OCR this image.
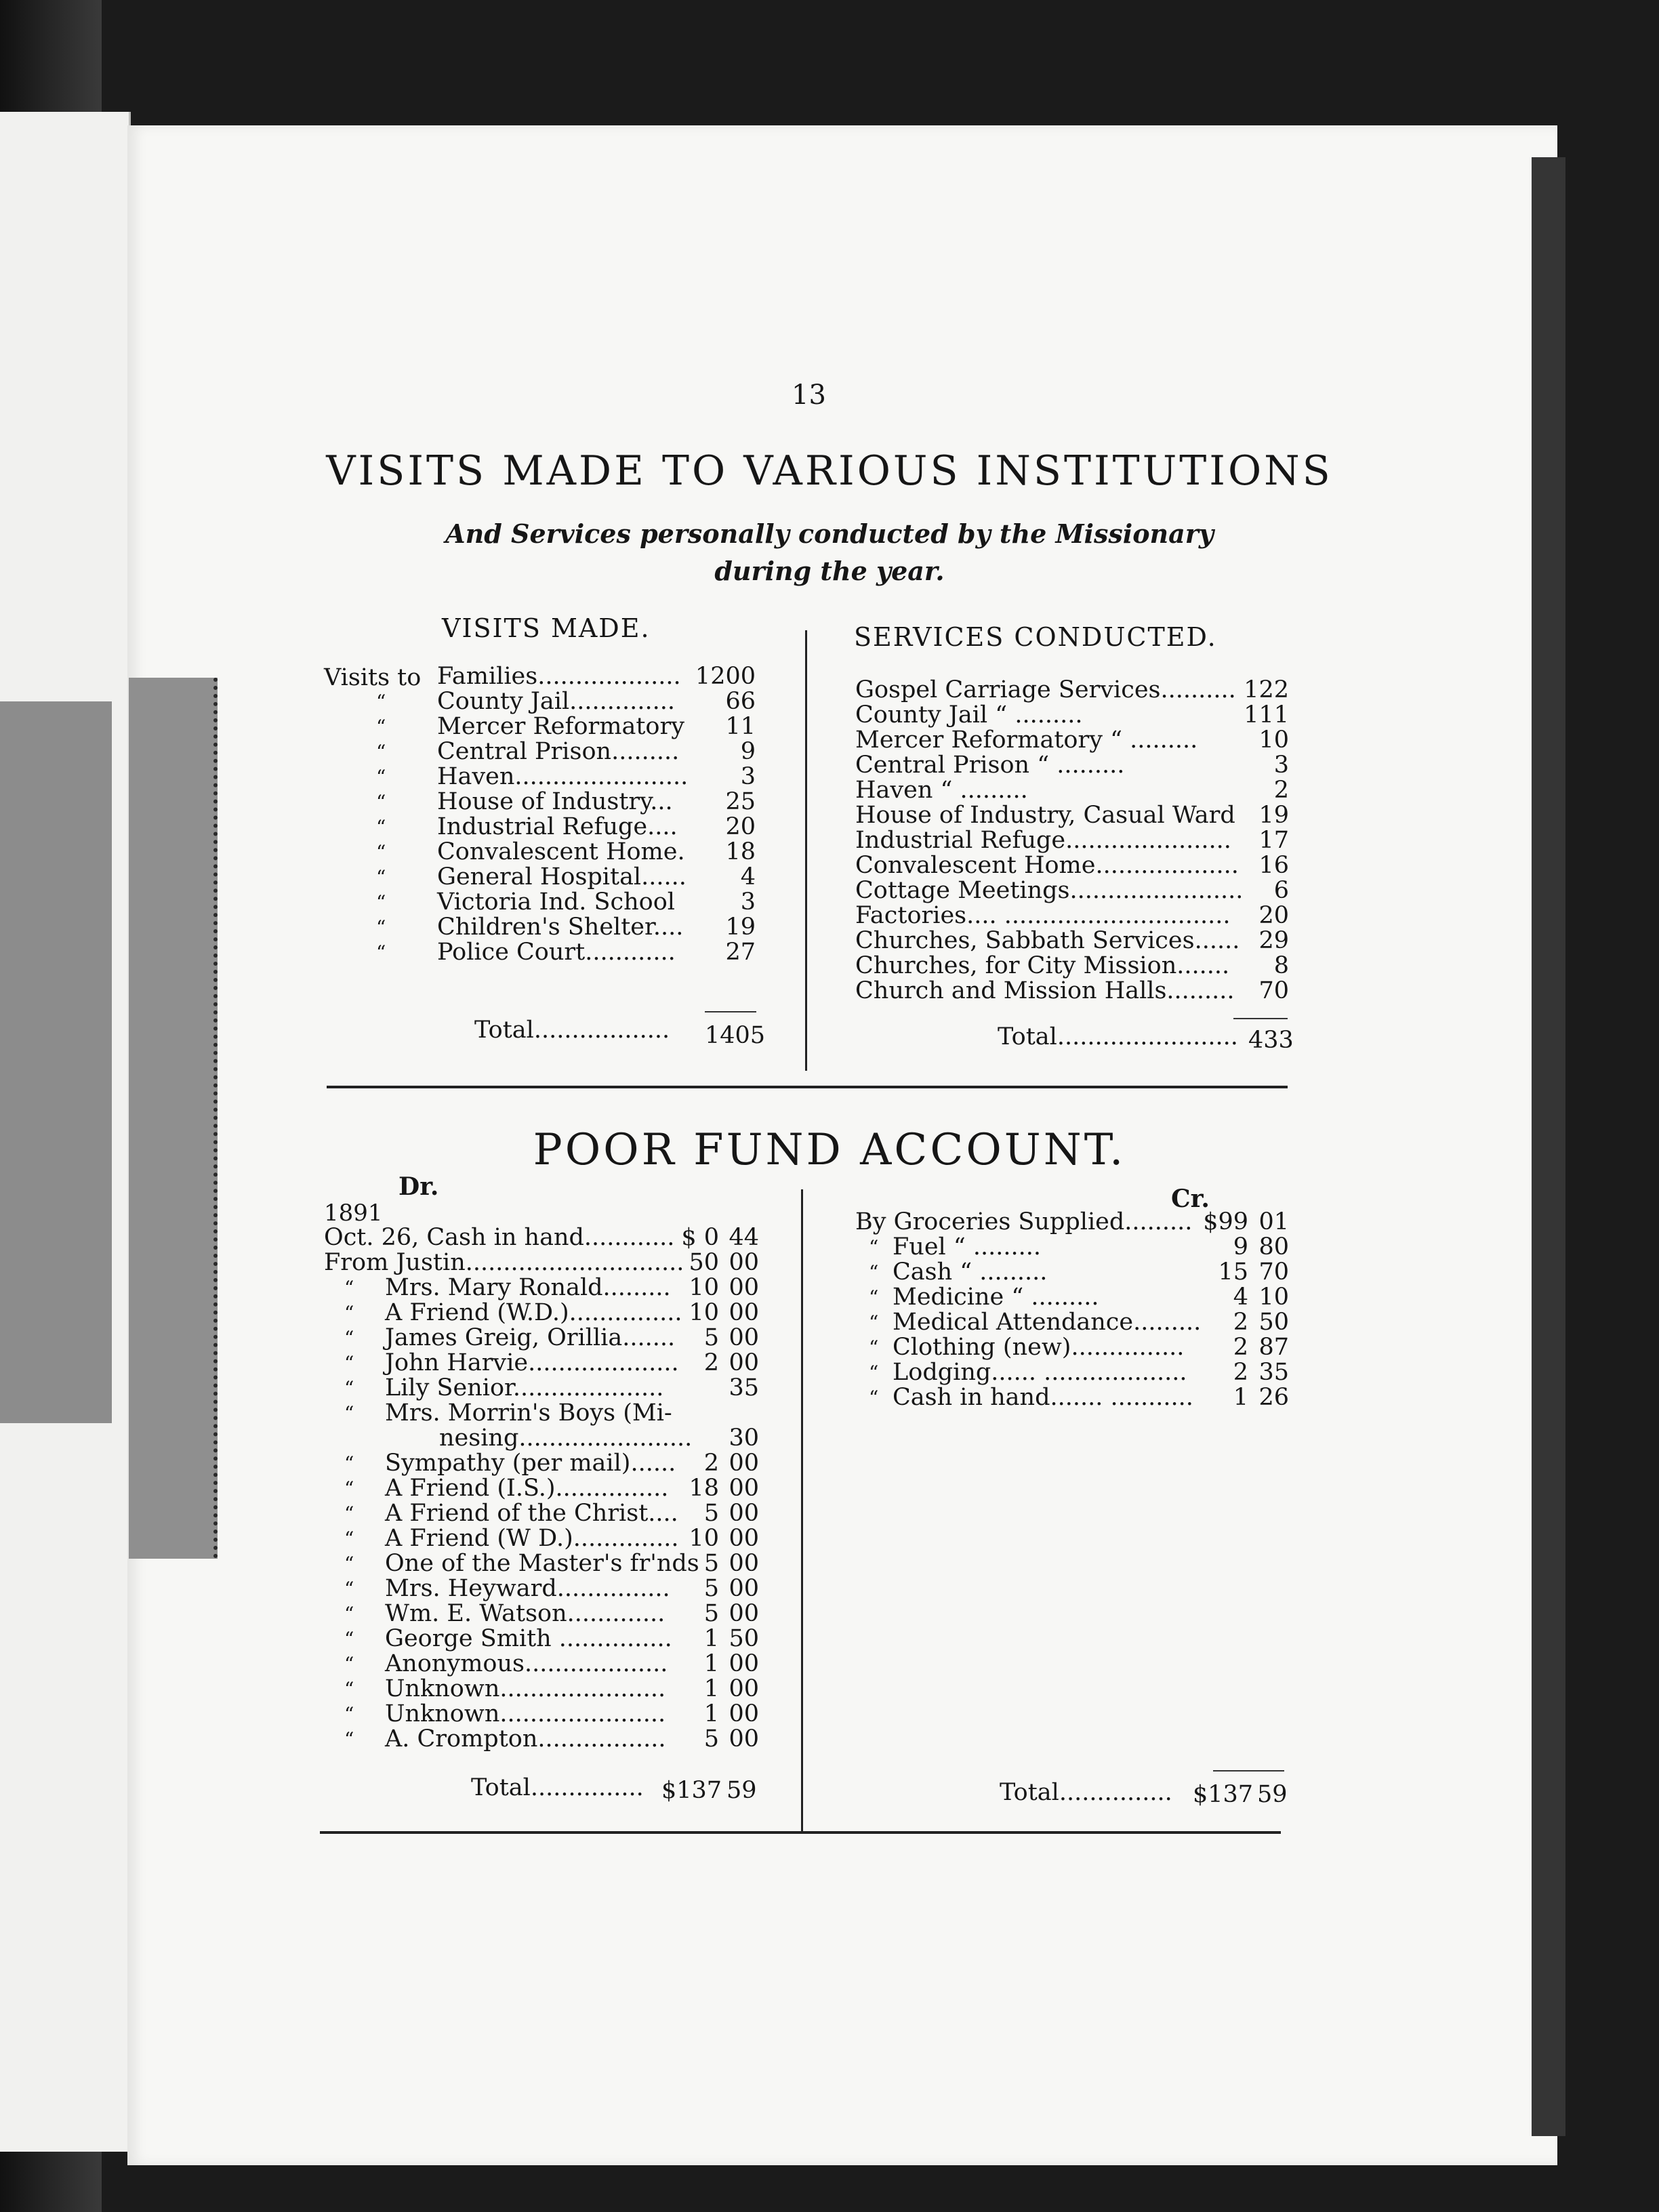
13
VISITS MADE TO VARIOUS INSTITUTIONS
And Services personally conducted by the Missionary
during the year.
VISITS MADE.	SERVICES CONDUCTED.
Visits to Families................... 1200
“ County Jail..............	66
“ Mercer Reformatory	11
“ Central Prison.........	9
“ Haven.......................	3
“ House of Industry...	25
“ Industrial Refuge....	20
“ Convalescent Home.	18
“ General Hospital......	4
“ Victoria Ind. School	3
“ Children's Shelter....	19
“ Police Court............	27
Total.................. 1405
Gospel Carriage Services.......... 122
County Jail “ .........	111
Mercer Reformatory “ .........	10
Central Prison “ .........	3
Haven “ .........	2
House of Industry, Casual Ward 19
Industrial Refuge......................	17
Convalescent Home................... 16
Cottage Meetings.......................	6
Factories.... ..............................	20
Churches, Sabbath Services...... 29
Churches, for City Mission.......	8
Church and Mission Halls.........	70
Total........................ 433
POOR FUND ACCOUNT.
Dr.	Cr.
1891
Oct. 26, Cash in hand............ $ 0 44
From Justin............................. 50 00
“ Mrs. Mary Ronald......... 10 00
“ A Friend (W.D.)............... 10 00
“ James Greig, Orillia.......	5 00
“ John Harvie....................	2 00
“ Lily Senior....................	35
“ Mrs. Morrin's Boys (Mi-
nesing....................... 30
“ Sympathy (per mail)......	2 00
“ A Friend (I.S.)............... 18 00
“ A Friend of the Christ....	5 00
“ A Friend (W D.).............. 10 00
“ One of the Master's fr'nds 5 00
“ Mrs. Heyward...............	5 00
“ Wm. E. Watson.............	5 00
“ George Smith ...............	1 50
“ Anonymous...................	1 00
“ Unknown......................	1 00
“ Unknown......................	1 00
“ A. Crompton.................	5 00
Total............... $137 59
By Groceries Supplied......... $99 01
“ Fuel “ .........	9 80
“ Cash “ .........	15 70
“ Medicine “ .........	4 10
“ Medical Attendance.........	2 50
“ Clothing (new)...............	2 87
“ Lodging...... ...................	2 35
“ Cash in hand....... ...........	1 26
Total............... $137 59
